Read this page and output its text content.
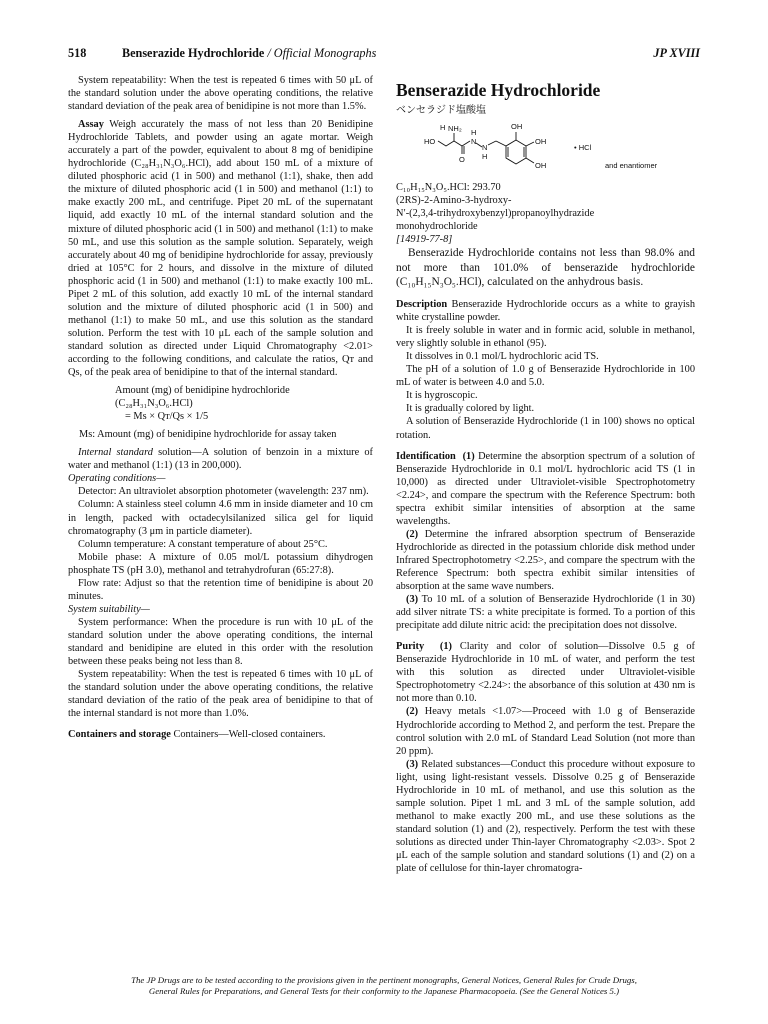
518	Benserazide Hydrochloride / Official Monographs	JP XVIII

System repeatability: When the test is repeated 6 times with 50 μL of the standard solution under the above operating conditions, the relative standard deviation of the peak area of benidipine is not more than 1.5%.

Assay Weigh accurately the mass of not less than 20 Benidipine Hydrochloride Tablets, and powder using an agate mortar. Weigh accurately a part of the powder, equivalent to about 8 mg of benidipine hydrochloride (C₂₈H₃₁N₃O₆.HCl), add about 150 mL of a mixture of diluted phosphoric acid (1 in 500) and methanol (1:1), shake, then add the mixture of diluted phosphoric acid (1 in 500) and methanol (1:1) to make exactly 200 mL, and centrifuge. Pipet 20 mL of the supernatant liquid, add exactly 10 mL of the internal standard solution and the mixture of diluted phosphoric acid (1 in 500) and methanol (1:1) to make 50 mL, and use this solution as the sample solution. Separately, weigh accurately about 40 mg of benidipine hydrochloride for assay, previously dried at 105°C for 2 hours, and dissolve in the mixture of diluted phosphoric acid (1 in 500) and methanol (1:1) to make exactly 100 mL. Pipet 2 mL of this solution, add exactly 10 mL of the internal standard solution and the mixture of diluted phosphoric acid (1 in 500) and methanol (1:1) to make 50 mL, and use this solution as the standard solution. Perform the test with 10 μL each of the sample solution and standard solution as directed under Liquid Chromatography <2.01> according to the following conditions, and calculate the ratios, Qᴛ and Qs, of the peak area of benidipine to that of the internal standard.

Amount (mg) of benidipine hydrochloride
(C₂₈H₃₁N₃O₆.HCl)
= Ms × Qᴛ/Qs × 1/5

Ms: Amount (mg) of benidipine hydrochloride for assay taken

Internal standard solution—A solution of benzoin in a mixture of water and methanol (1:1) (13 in 200,000).

Operating conditions—

Detector: An ultraviolet absorption photometer (wavelength: 237 nm).

Column: A stainless steel column 4.6 mm in inside diameter and 10 cm in length, packed with octadecylsilanized silica gel for liquid chromatography (3 μm in particle diameter).

Column temperature: A constant temperature of about 25°C.

Mobile phase: A mixture of 0.05 mol/L potassium dihydrogen phosphate TS (pH 3.0), methanol and tetrahydrofuran (65:27:8).

Flow rate: Adjust so that the retention time of benidipine is about 20 minutes.

System suitability—

System performance: When the procedure is run with 10 μL of the standard solution under the above operating conditions, the internal standard and benidipine are eluted in this order with the resolution between these peaks being not less than 8.

System repeatability: When the test is repeated 6 times with 10 μL of the standard solution under the above operating conditions, the relative standard deviation of the ratio of the peak area of benidipine to that of the internal standard is not more than 1.0%.

Containers and storage Containers—Well-closed containers.

Benserazide Hydrochloride
ベンセラジド塩酸塩
H NH₂
HO
O
H
N
N
H
OH
OH
OH
• HCl
and enantiomer
C₁₀H₁₅N₃O₅.HCl: 293.70
(2RS)-2-Amino-3-hydroxy-
N′-(2,3,4-trihydroxybenzyl)propanoylhydrazide
monohydrochloride
[14919-77-8]

Benserazide Hydrochloride contains not less than 98.0% and not more than 101.0% of benserazide hydrochloride (C₁₀H₁₅N₃O₅.HCl), calculated on the anhydrous basis.

Description Benserazide Hydrochloride occurs as a white to grayish white crystalline powder.

It is freely soluble in water and in formic acid, soluble in methanol, very slightly soluble in ethanol (95).

It dissolves in 0.1 mol/L hydrochloric acid TS.

The pH of a solution of 1.0 g of Benserazide Hydrochloride in 100 mL of water is between 4.0 and 5.0.

It is hygroscopic.

It is gradually colored by light.

A solution of Benserazide Hydrochloride (1 in 100) shows no optical rotation.

Identification (1) Determine the absorption spectrum of a solution of Benserazide Hydrochloride in 0.1 mol/L hydrochloric acid TS (1 in 10,000) as directed under Ultraviolet-visible Spectrophotometry <2.24>, and compare the spectrum with the Reference Spectrum: both spectra exhibit similar intensities of absorption at the same wavelengths.

(2) Determine the infrared absorption spectrum of Benserazide Hydrochloride as directed in the potassium chloride disk method under Infrared Spectrophotometry <2.25>, and compare the spectrum with the Reference Spectrum: both spectra exhibit similar intensities of absorption at the same wave numbers.

(3) To 10 mL of a solution of Benserazide Hydrochloride (1 in 30) add silver nitrate TS: a white precipitate is formed. To a portion of this precipitate add dilute nitric acid: the precipitation does not dissolve.

Purity (1) Clarity and color of solution—Dissolve 0.5 g of Benserazide Hydrochloride in 10 mL of water, and perform the test with this solution as directed under Ultraviolet-visible Spectrophotometry <2.24>: the absorbance of this solution at 430 nm is not more than 0.10.

(2) Heavy metals <1.07>—Proceed with 1.0 g of Benserazide Hydrochloride according to Method 2, and perform the test. Prepare the control solution with 2.0 mL of Standard Lead Solution (not more than 20 ppm).

(3) Related substances—Conduct this procedure without exposure to light, using light-resistant vessels. Dissolve 0.25 g of Benserazide Hydrochloride in 10 mL of methanol, and use this solution as the sample solution. Pipet 1 mL and 3 mL of the sample solution, add methanol to make exactly 200 mL, and use these solutions as the standard solution (1) and (2), respectively. Perform the test with these solutions as directed under Thin-layer Chromatography <2.03>. Spot 2 μL each of the sample solution and standard solutions (1) and (2) on a plate of cellulose for thin-layer chromatogra-

The JP Drugs are to be tested according to the provisions given in the pertinent monographs, General Notices, General Rules for Crude Drugs,
General Rules for Preparations, and General Tests for their conformity to the Japanese Pharmacopoeia. (See the General Notices 5.)
